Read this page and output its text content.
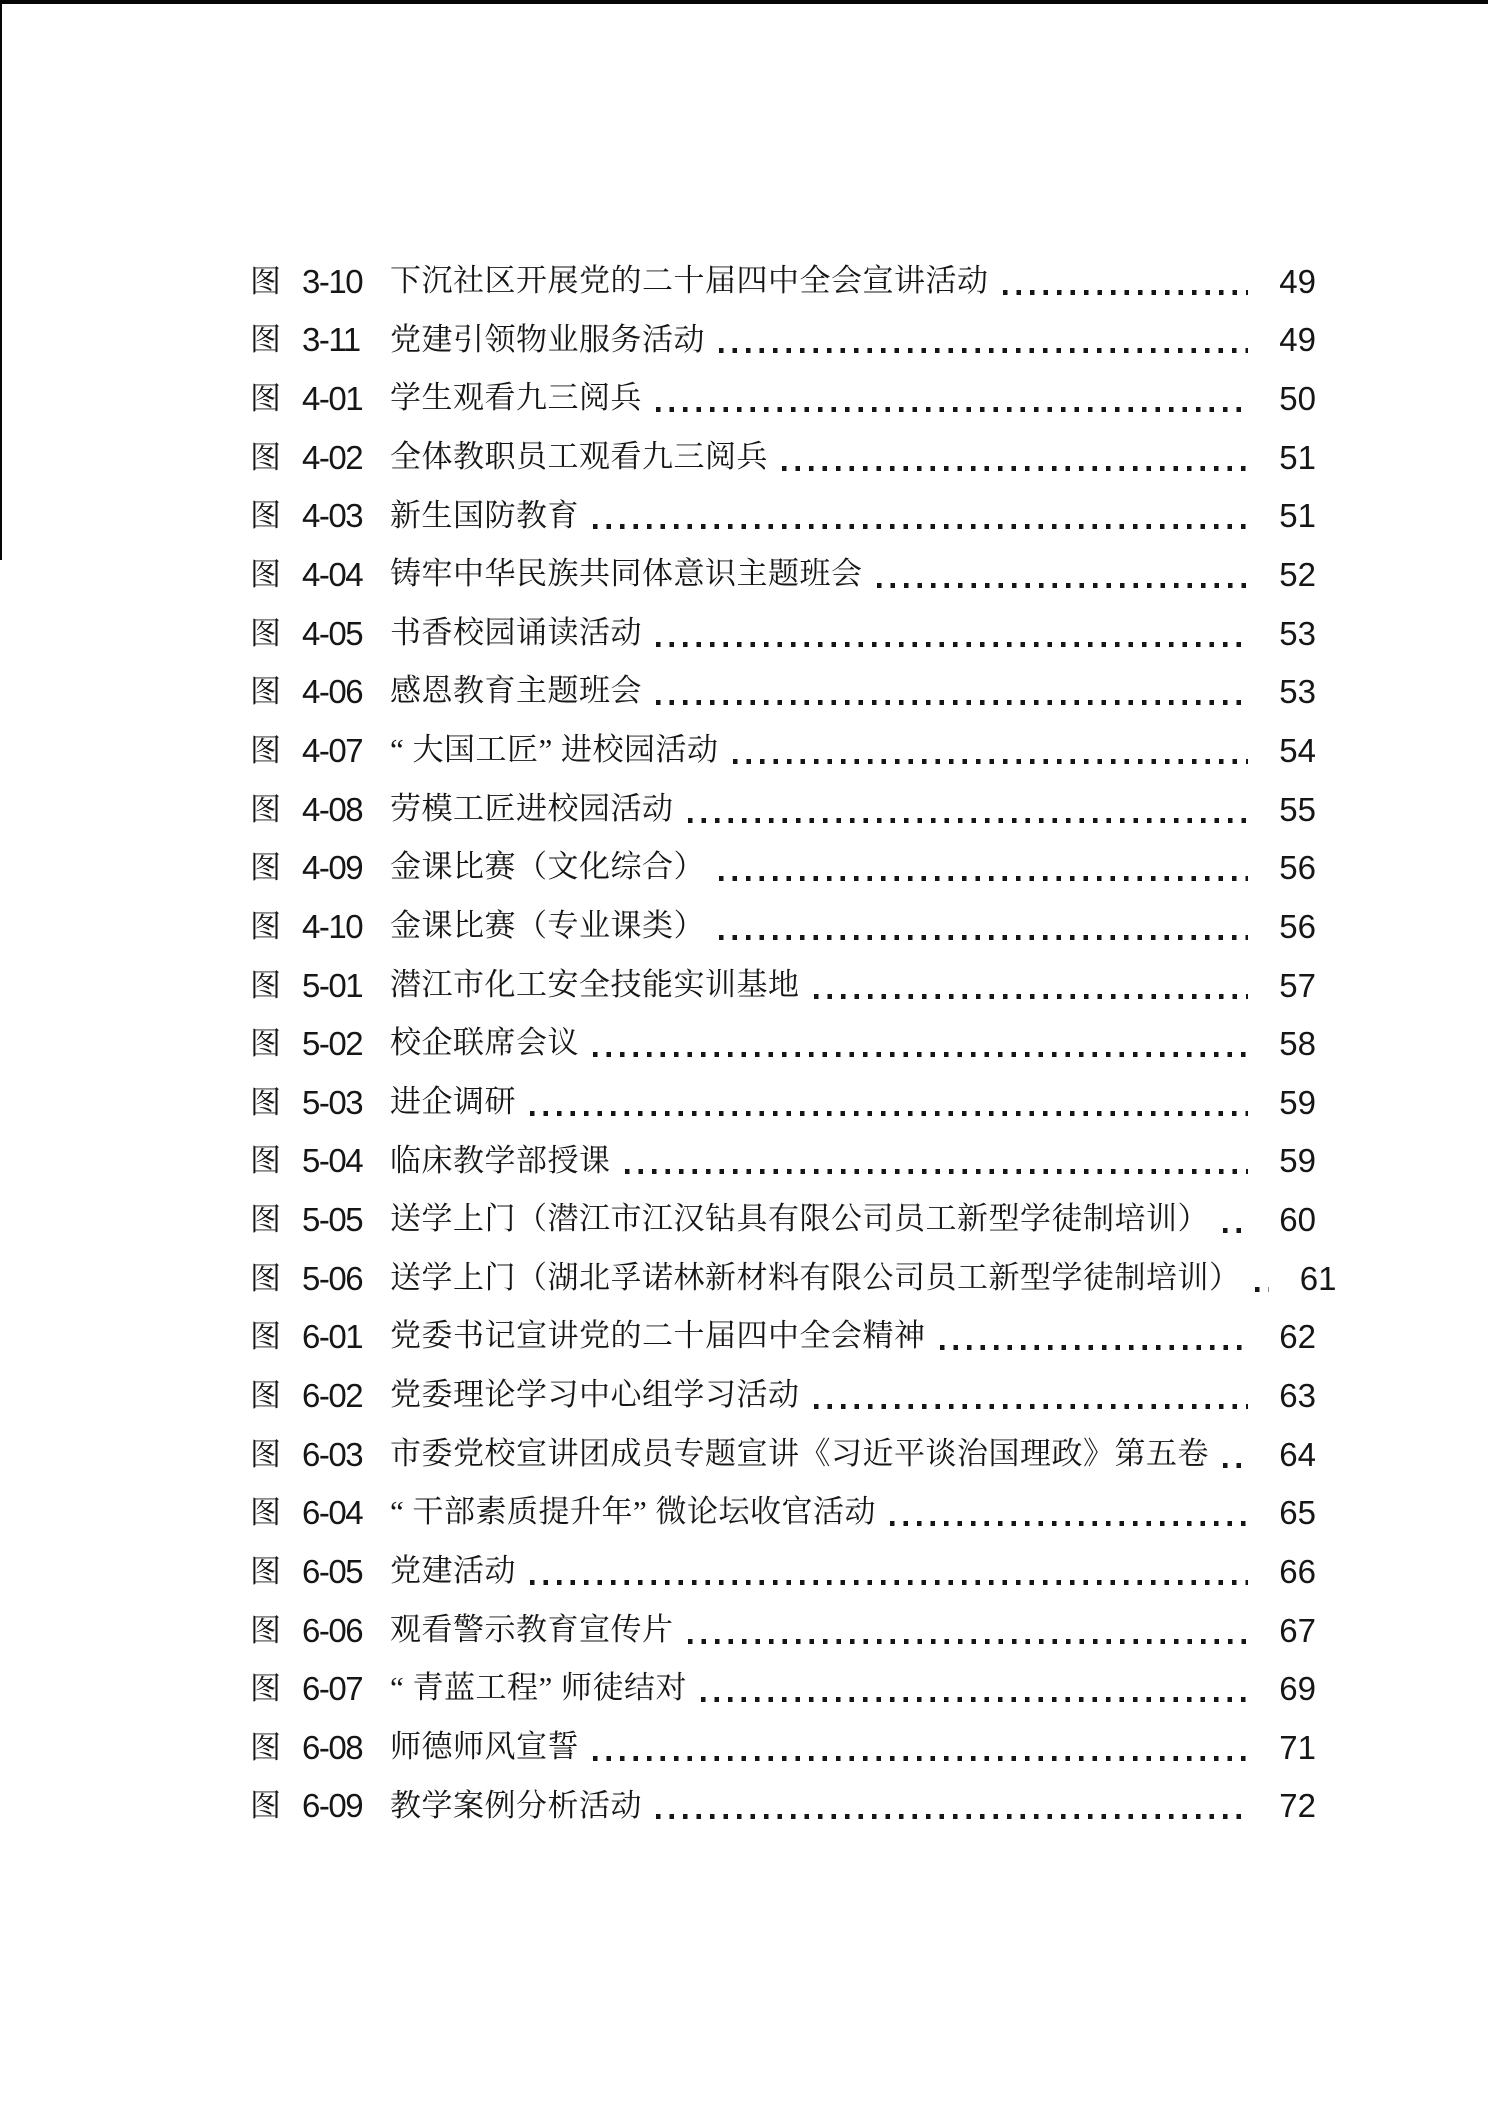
图 3-10 下沉社区开展党的二十届四中全会宣讲活动	49
图 3-11 党建引领物业服务活动	49
图 4-01 学生观看九三阅兵	50
图 4-02 全体教职员工观看九三阅兵	51
图 4-03 新生国防教育	51
图 4-04 铸牢中华民族共同体意识主题班会	52
图 4-05 书香校园诵读活动	53
图 4-06 感恩教育主题班会	53
图 4-07 “ 大国工匠” 进校园活动	54
图 4-08 劳模工匠进校园活动	55
图 4-09 金课比赛（文化综合）	56
图 4-10 金课比赛（专业课类）	56
图 5-01 潜江市化工安全技能实训基地	57
图 5-02 校企联席会议	58
图 5-03 进企调研	59
图 5-04 临床教学部授课	59
图 5-05 送学上门（潜江市江汉钻具有限公司员工新型学徒制培训）	60
图 5-06 送学上门（湖北孚诺林新材料有限公司员工新型学徒制培训）	61
图 6-01 党委书记宣讲党的二十届四中全会精神	62
图 6-02 党委理论学习中心组学习活动	63
图 6-03 市委党校宣讲团成员专题宣讲《习近平谈治国理政》第五卷	64
图 6-04 “ 干部素质提升年” 微论坛收官活动	65
图 6-05 党建活动	66
图 6-06 观看警示教育宣传片	67
图 6-07 “ 青蓝工程” 师徒结对	69
图 6-08 师德师风宣誓	71
图 6-09 教学案例分析活动	72
